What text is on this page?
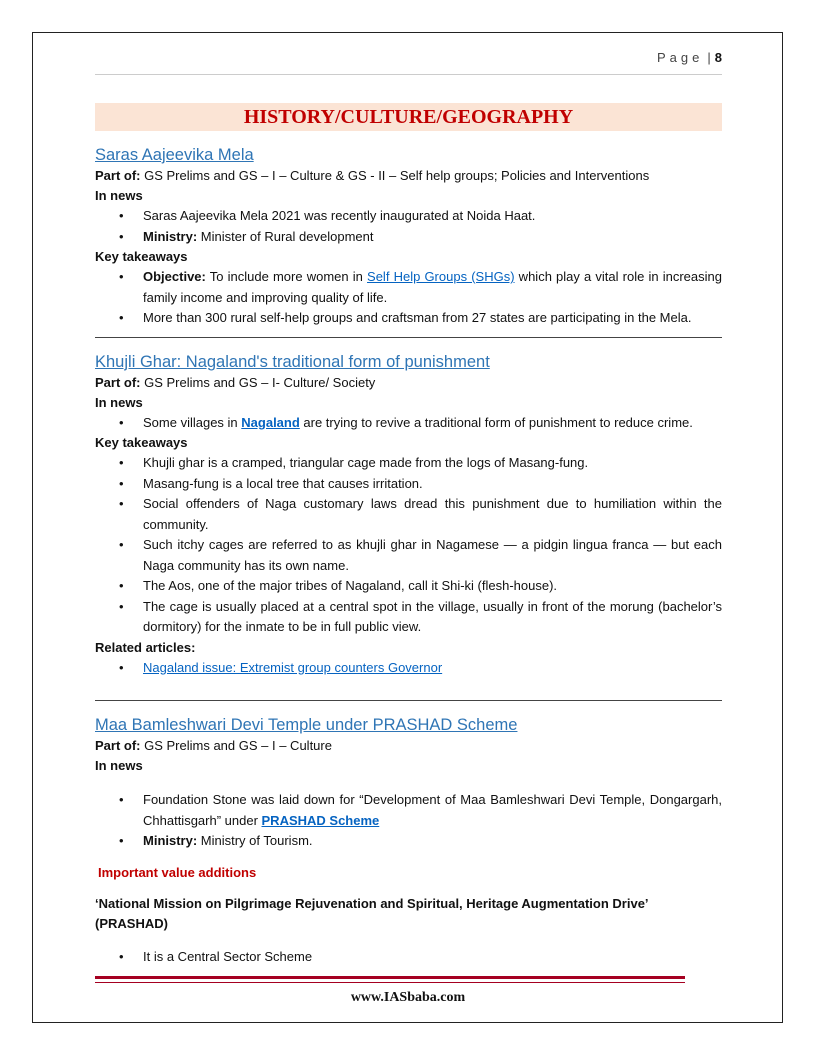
Page | 8
HISTORY/CULTURE/GEOGRAPHY
Saras Aajeevika Mela
Part of: GS Prelims and GS – I – Culture & GS - II – Self help groups; Policies and Interventions
In news
• Saras Aajeevika Mela 2021 was recently inaugurated at Noida Haat.
• Ministry: Minister of Rural development
Key takeaways
• Objective: To include more women in Self Help Groups (SHGs) which play a vital role in increasing family income and improving quality of life.
• More than 300 rural self-help groups and craftsman from 27 states are participating in the Mela.
Khujli Ghar: Nagaland's traditional form of punishment
Part of: GS Prelims and GS – I- Culture/ Society
In news
• Some villages in Nagaland are trying to revive a traditional form of punishment to reduce crime.
Key takeaways
• Khujli ghar is a cramped, triangular cage made from the logs of Masang-fung.
• Masang-fung is a local tree that causes irritation.
• Social offenders of Naga customary laws dread this punishment due to humiliation within the community.
• Such itchy cages are referred to as khujli ghar in Nagamese — a pidgin lingua franca — but each Naga community has its own name.
• The Aos, one of the major tribes of Nagaland, call it Shi-ki (flesh-house).
• The cage is usually placed at a central spot in the village, usually in front of the morung (bachelor’s dormitory) for the inmate to be in full public view.
Related articles:
• Nagaland issue: Extremist group counters Governor
Maa Bamleshwari Devi Temple under PRASHAD Scheme
Part of: GS Prelims and GS – I – Culture
In news
• Foundation Stone was laid down for “Development of Maa Bamleshwari Devi Temple, Dongargarh, Chhattisgarh” under PRASHAD Scheme
• Ministry: Ministry of Tourism.
Important value additions
‘National Mission on Pilgrimage Rejuvenation and Spiritual, Heritage Augmentation Drive’ (PRASHAD)
• It is a Central Sector Scheme
www.IASbaba.com
